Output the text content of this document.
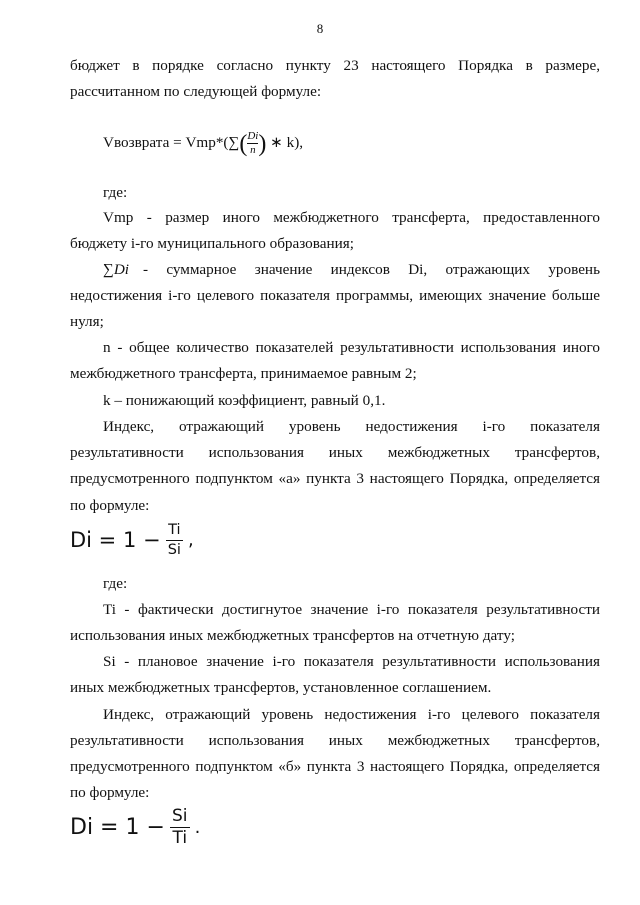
8
бюджет в порядке согласно пункту 23 настоящего Порядка в размере,
рассчитанном по следующей формуле:
Vвозврата = $Vmp*(\sum( \frac{Di}{n}$ ) ∗ k),
где:
Vmp - размер иного межбюджетного трансферта, предоставленного
бюджету i-го муниципального образования;
∑Di - суммарное значение индексов Di, отражающих уровень
недостижения i-го целевого показателя программы, имеющих значение больше
нуля;
n - общее количество показателей результативности использования иного
межбюджетного трансферта, принимаемое равным 2;
k – понижающий коэффициент, равный 0,1.
Индекс, отражающий уровень недостижения i-го показателя
результативности использования иных межбюджетных трансфертов,
предусмотренного подпунктом «а» пункта 3 настоящего Порядка, определяется
по формуле:
$Di = 1 - \frac{Ti}{Si}$ ,
где:
Ti - фактически достигнутое значение i-го показателя результативности
использования иных межбюджетных трансфертов на отчетную дату;
Si - плановое значение i-го показателя результативности использования
иных межбюджетных трансфертов, установленное соглашением.
Индекс, отражающий уровень недостижения i-го целевого показателя
результативности использования иных межбюджетных трансфертов,
предусмотренного подпунктом «б» пункта 3 настоящего Порядка, определяется
по формуле:
$Di = 1 - \frac{Si}{Ti}$ .
